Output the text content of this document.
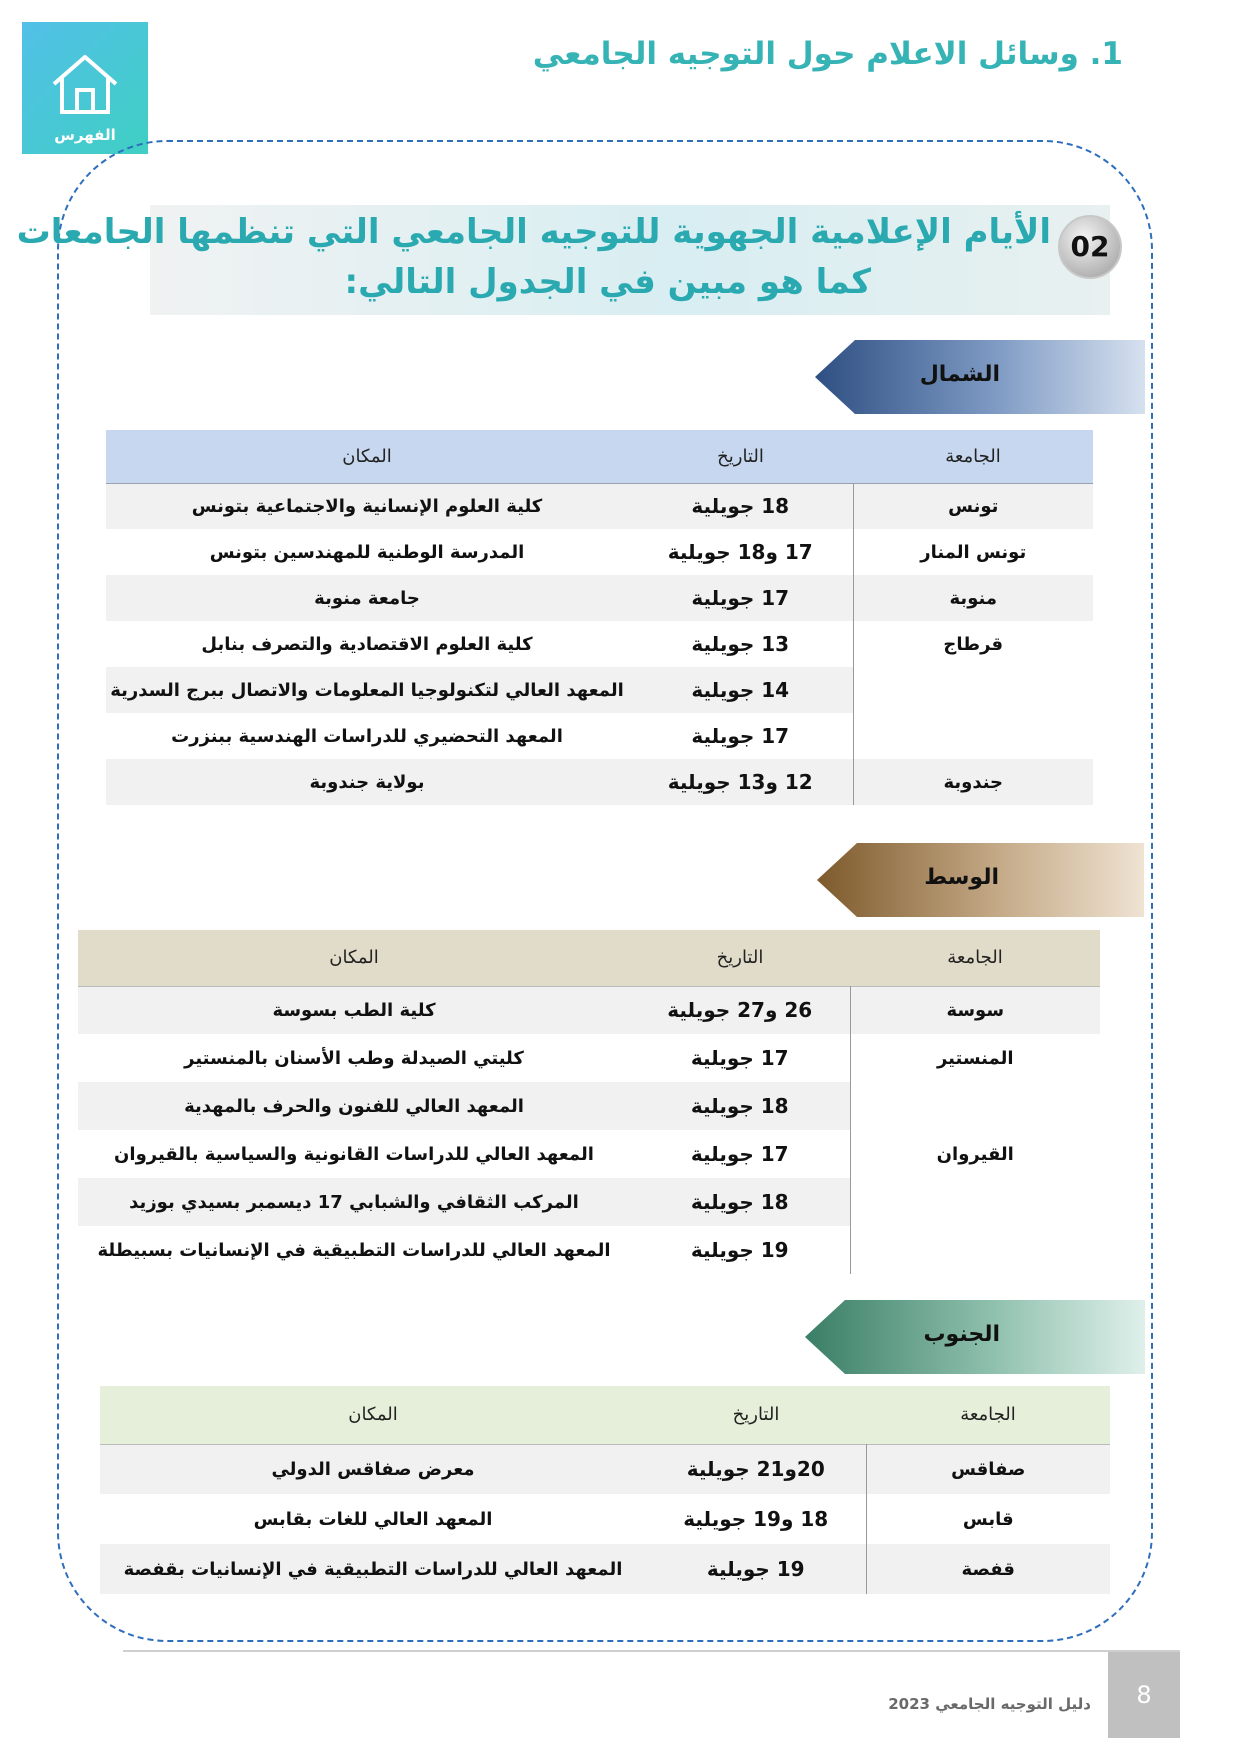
الفهرس
1. وسائل الاعلام حول التوجيه الجامعي
02
الأيام الإعلامية الجهوية للتوجيه الجامعي التي تنظمها الجامعات
كما هو مبين في الجدول التالي:
الشمال
الجامعة	التاريخ	المكان
تونس	18 جويلية	كلية العلوم الإنسانية والاجتماعية بتونس
تونس المنار	17 و18 جويلية	المدرسة الوطنية للمهندسين بتونس
منوبة	17 جويلية	جامعة منوبة
قرطاج	13 جويلية	كلية العلوم الاقتصادية والتصرف بنابل
	14 جويلية	المعهد العالي لتكنولوجيا المعلومات والاتصال ببرج السدرية
	17 جويلية	المعهد التحضيري للدراسات الهندسية ببنزرت
جندوبة	12 و13 جويلية	بولاية جندوبة
الوسط
الجامعة	التاريخ	المكان
سوسة	26 و27 جويلية	كلية الطب بسوسة
المنستير	17 جويلية	كليتي الصيدلة وطب الأسنان بالمنستير
	18 جويلية	المعهد العالي للفنون والحرف بالمهدية
القيروان	17 جويلية	المعهد العالي للدراسات القانونية والسياسية بالقيروان
	18 جويلية	المركب الثقافي والشبابي 17 ديسمبر بسيدي بوزيد
	19 جويلية	المعهد العالي للدراسات التطبيقية في الإنسانيات بسبيطلة
الجنوب
الجامعة	التاريخ	المكان
صفاقس	20و21 جويلية	معرض صفاقس الدولي
قابس	18 و19 جويلية	المعهد العالي للغات بقابس
قفصة	19 جويلية	المعهد العالي للدراسات التطبيقية في الإنسانيات بقفصة
دليل التوجيه الجامعي 2023	8
